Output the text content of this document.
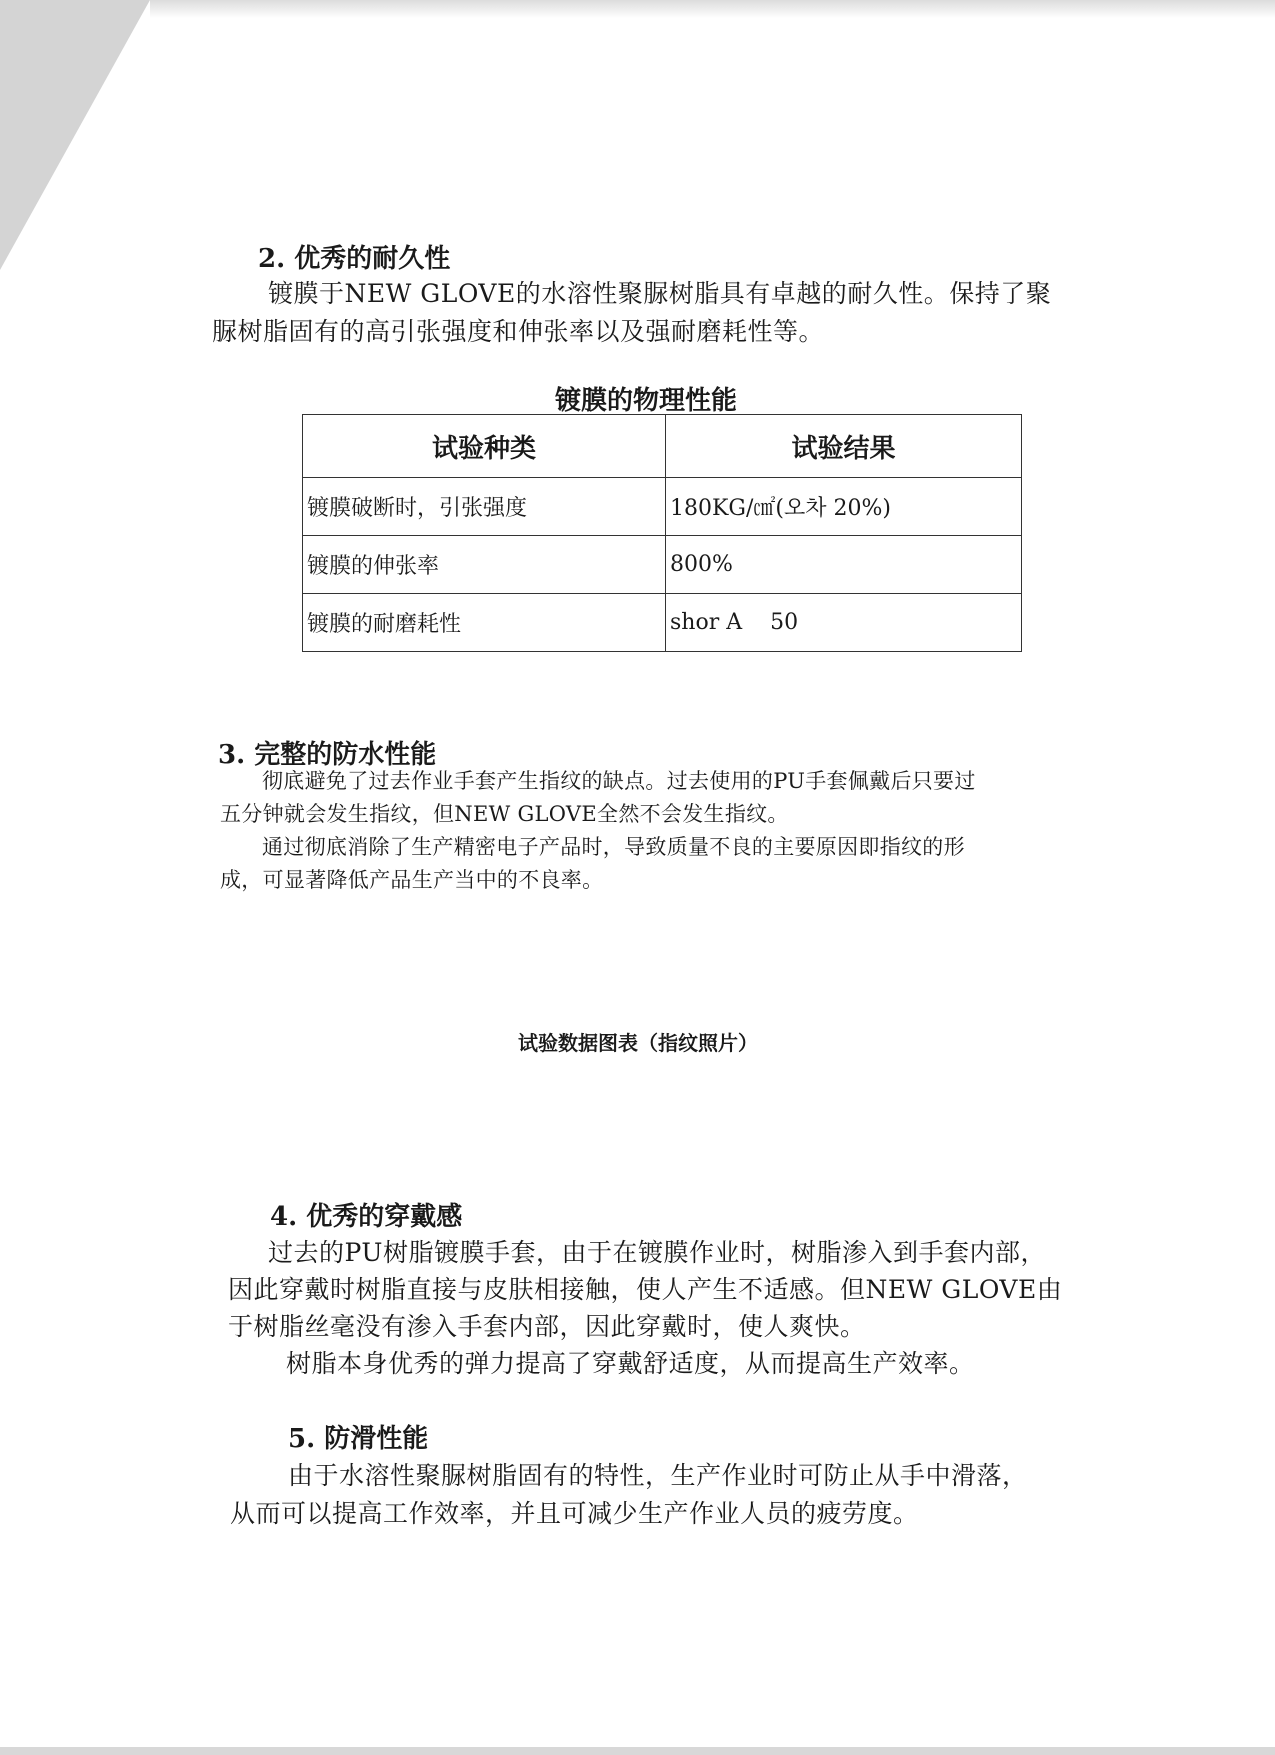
2. 优秀的耐久性

镀膜于NEW GLOVE的水溶性聚脲树脂具有卓越的耐久性。保持了聚

脲树脂固有的高引张强度和伸张率以及强耐磨耗性等。

镀膜的物理性能

试验种类	试验结果
镀膜破断时，引张强度	180KG/㎠(오차 20%)
镀膜的伸张率	800%
镀膜的耐磨耗性	shor A    50

3. 完整的防水性能

彻底避免了过去作业手套产生指纹的缺点。过去使用的PU手套佩戴后只要过

五分钟就会发生指纹，但NEW GLOVE全然不会发生指纹。

通过彻底消除了生产精密电子产品时，导致质量不良的主要原因即指纹的形

成，可显著降低产品生产当中的不良率。

试验数据图表（指纹照片）

4. 优秀的穿戴感

过去的PU树脂镀膜手套，由于在镀膜作业时，树脂渗入到手套内部，

因此穿戴时树脂直接与皮肤相接触，使人产生不适感。但NEW GLOVE由

于树脂丝毫没有渗入手套内部，因此穿戴时，使人爽快。

树脂本身优秀的弹力提高了穿戴舒适度，从而提高生产效率。

5. 防滑性能

由于水溶性聚脲树脂固有的特性，生产作业时可防止从手中滑落，

从而可以提高工作效率，并且可减少生产作业人员的疲劳度。
